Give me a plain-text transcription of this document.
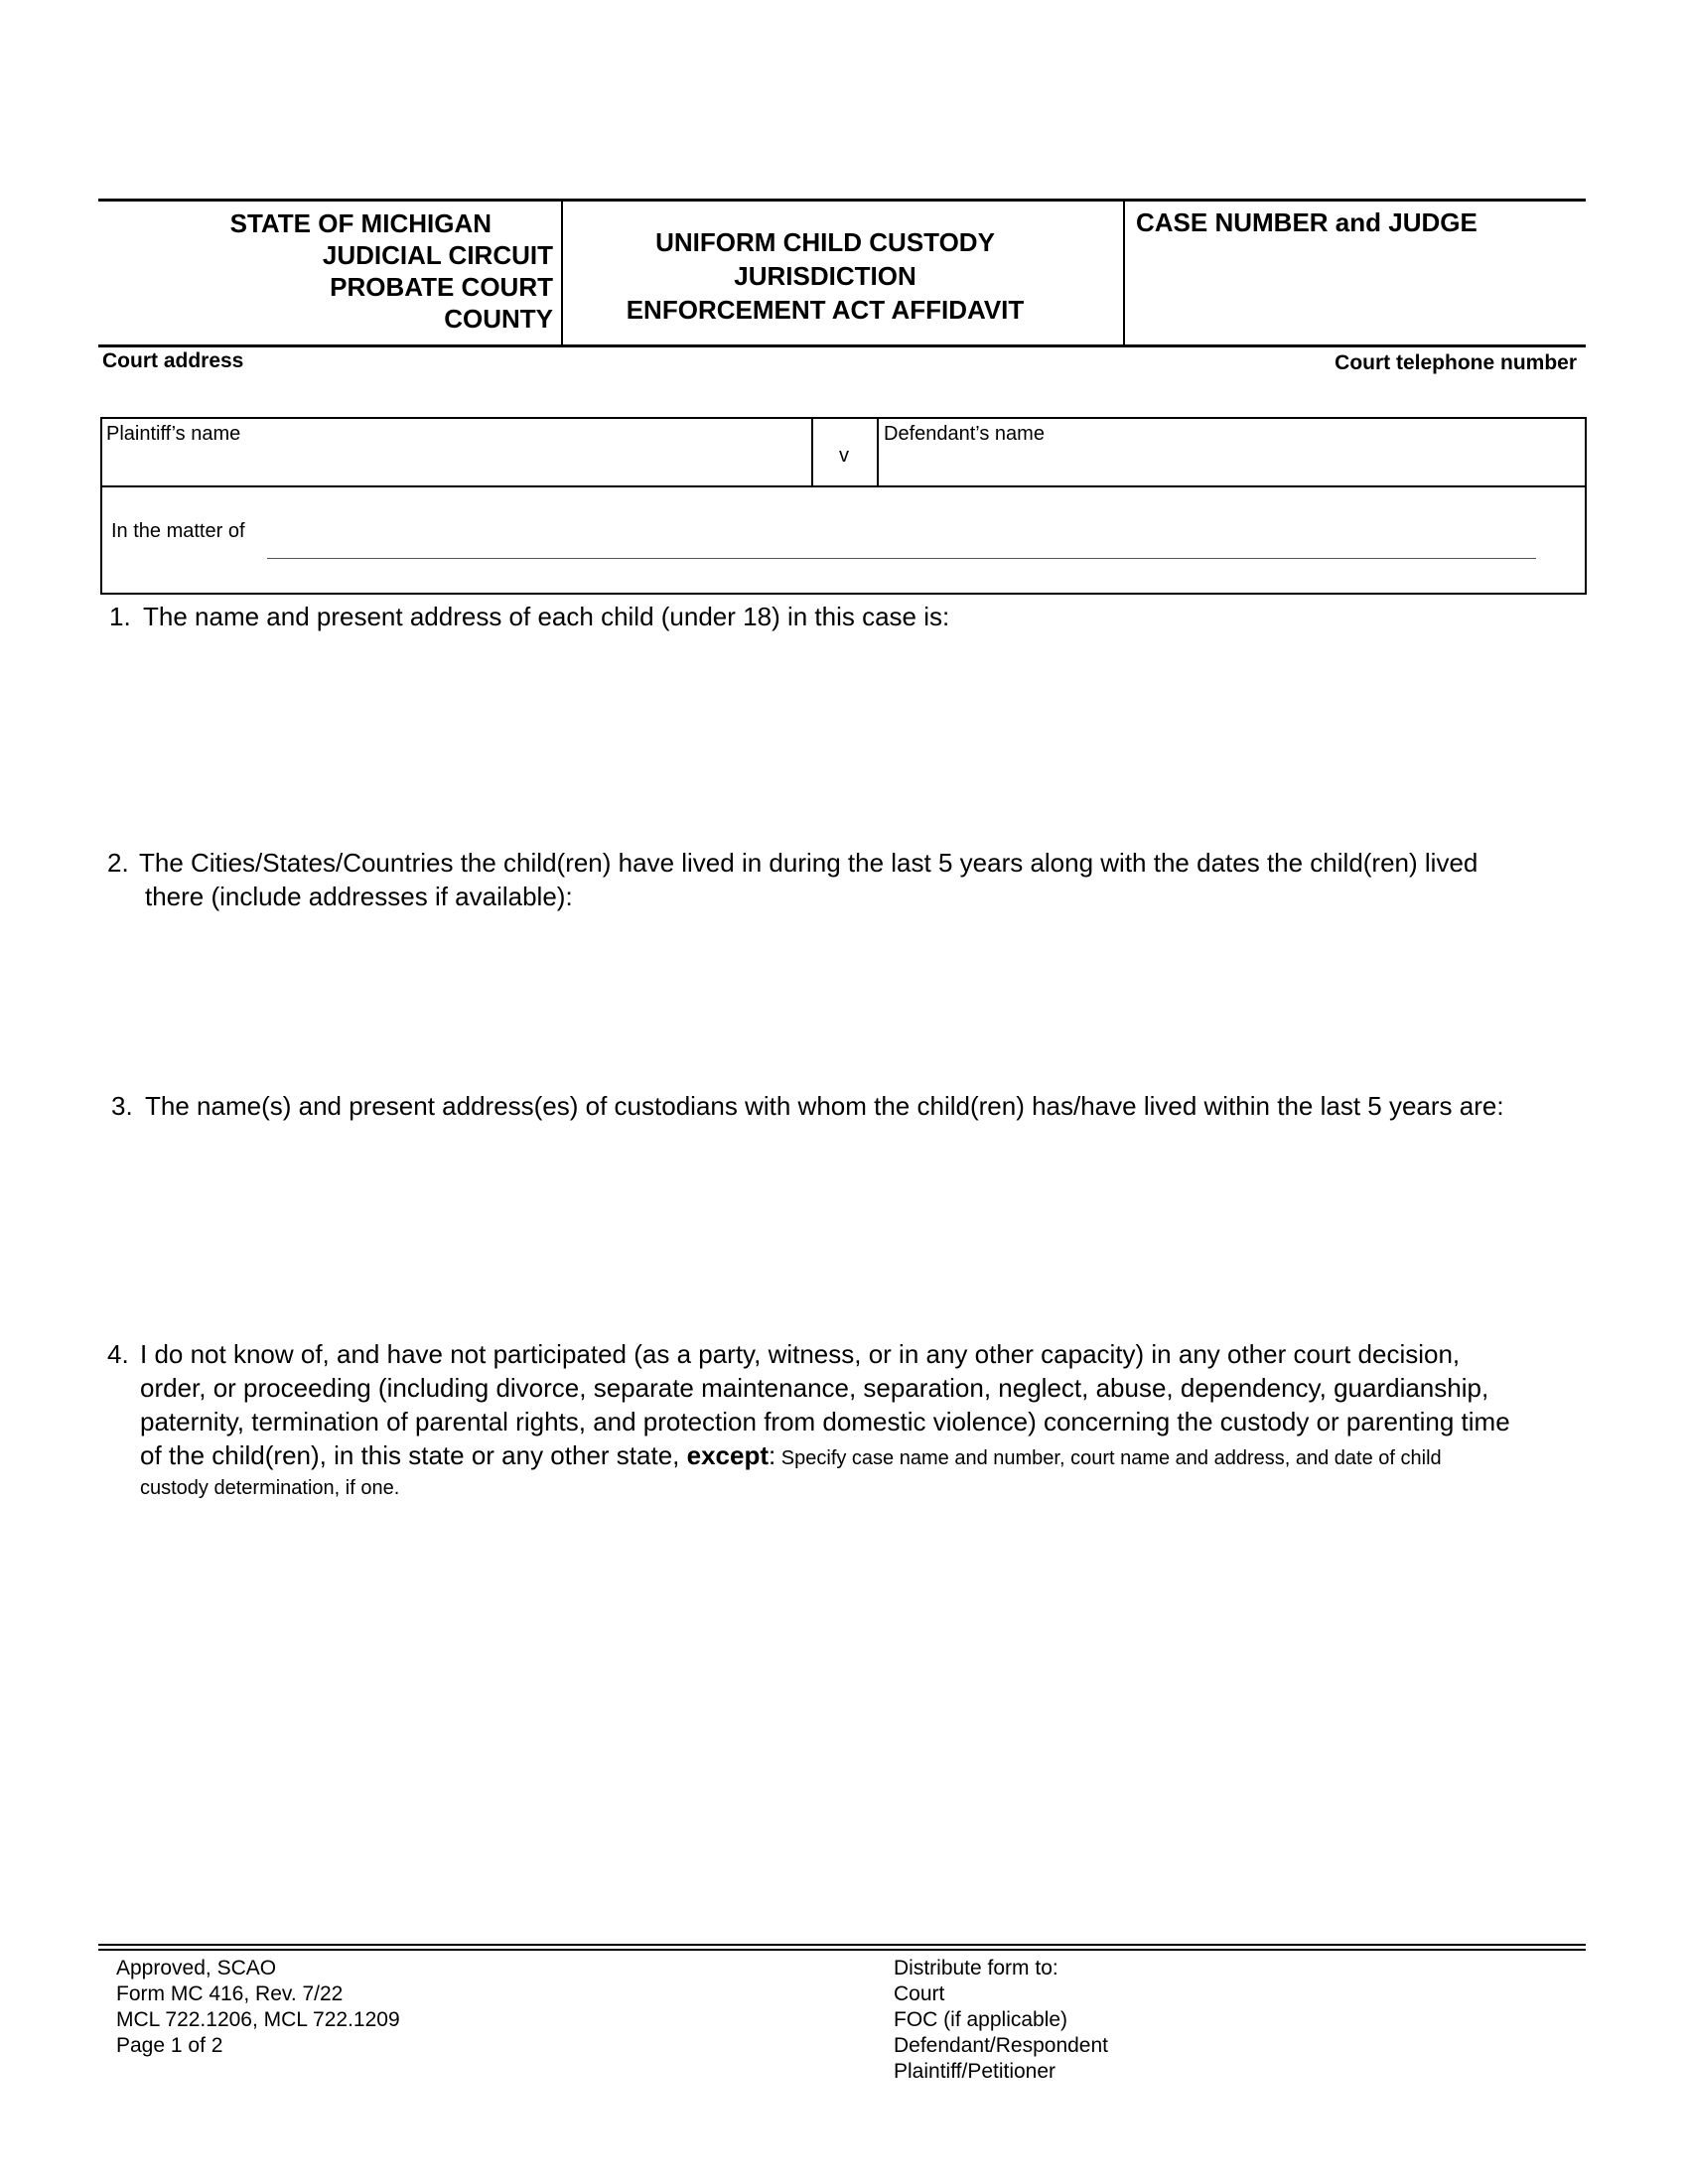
STATE OF MICHIGAN
JUDICIAL CIRCUIT
PROBATE COURT
COUNTY
UNIFORM CHILD CUSTODY
JURISDICTION
ENFORCEMENT ACT AFFIDAVIT
CASE NUMBER and JUDGE
Court address	Court telephone number
Plaintiff’s name
v
Defendant’s name
In the matter of
1. The name and present address of each child (under 18) in this case is:
2. The Cities/States/Countries the child(ren) have lived in during the last 5 years along with the dates the child(ren) lived
there (include addresses if available):
3. The name(s) and present address(es) of custodians with whom the child(ren) has/have lived within the last 5 years are:
4. I do not know of, and have not participated (as a party, witness, or in any other capacity) in any other court decision,
order, or proceeding (including divorce, separate maintenance, separation, neglect, abuse, dependency, guardianship,
paternity, termination of parental rights, and protection from domestic violence) concerning the custody or parenting time
of the child(ren), in this state or any other state, except: Specify case name and number, court name and address, and date of child
custody determination, if one.
Approved, SCAO
Form MC 416, Rev. 7/22
MCL 722.1206, MCL 722.1209
Page 1 of 2
Distribute form to:
Court
FOC (if applicable)
Defendant/Respondent
Plaintiff/Petitioner
